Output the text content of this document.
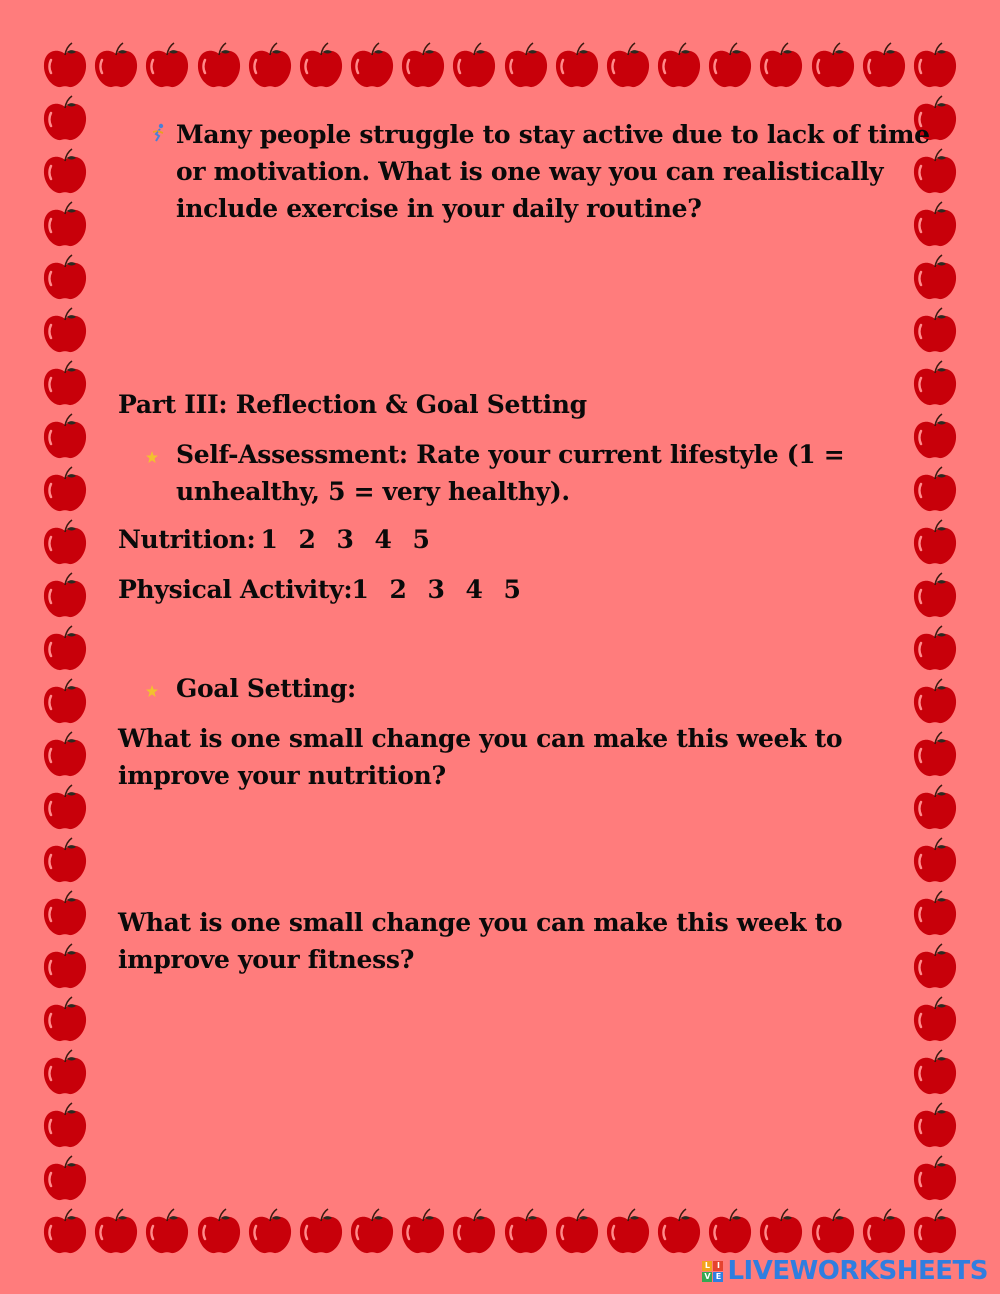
Many people struggle to stay active due to lack of time
or motivation. What is one way you can realistically
include exercise in your daily routine?
Part III: Reflection & Goal Setting
Self-Assessment: Rate your current lifestyle (1 =
unhealthy, 5 = very healthy).
Nutrition: 1 2 3 4 5
Physical Activity: 1 2 3 4 5
Goal Setting:
What is one small change you can make this week to
improve your nutrition?
What is one small change you can make this week to
improve your fitness?
L I
V E LIVEWORKSHEETS
